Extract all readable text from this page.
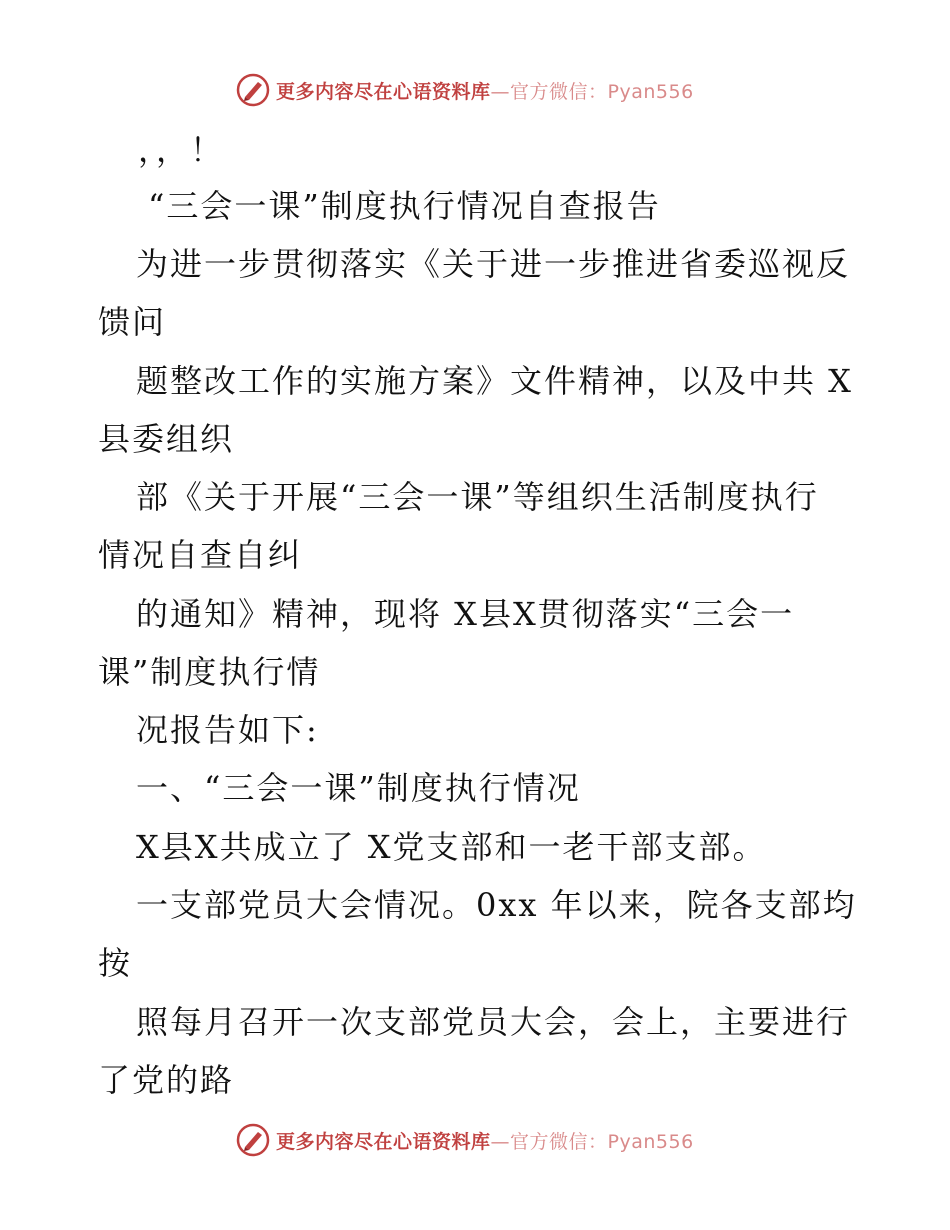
更多内容尽在心语资料库—官方微信：Pyan556
，，！
“三会一课”制度执行情况自查报告
为进一步贯彻落实《关于进一步推进省委巡视反
馈问
题整改工作的实施方案》文件精神，以及中共 X
县委组织
部《关于开展“三会一课”等组织生活制度执行
情况自查自纠
的通知》精神，现将 X县X贯彻落实“三会一
课”制度执行情
况报告如下:
一、“三会一课”制度执行情况
X县X共成立了 X党支部和一老干部支部。
一支部党员大会情况。0xx 年以来，院各支部均
按
照每月召开一次支部党员大会，会上，主要进行
了党的路
更多内容尽在心语资料库—官方微信：Pyan556
